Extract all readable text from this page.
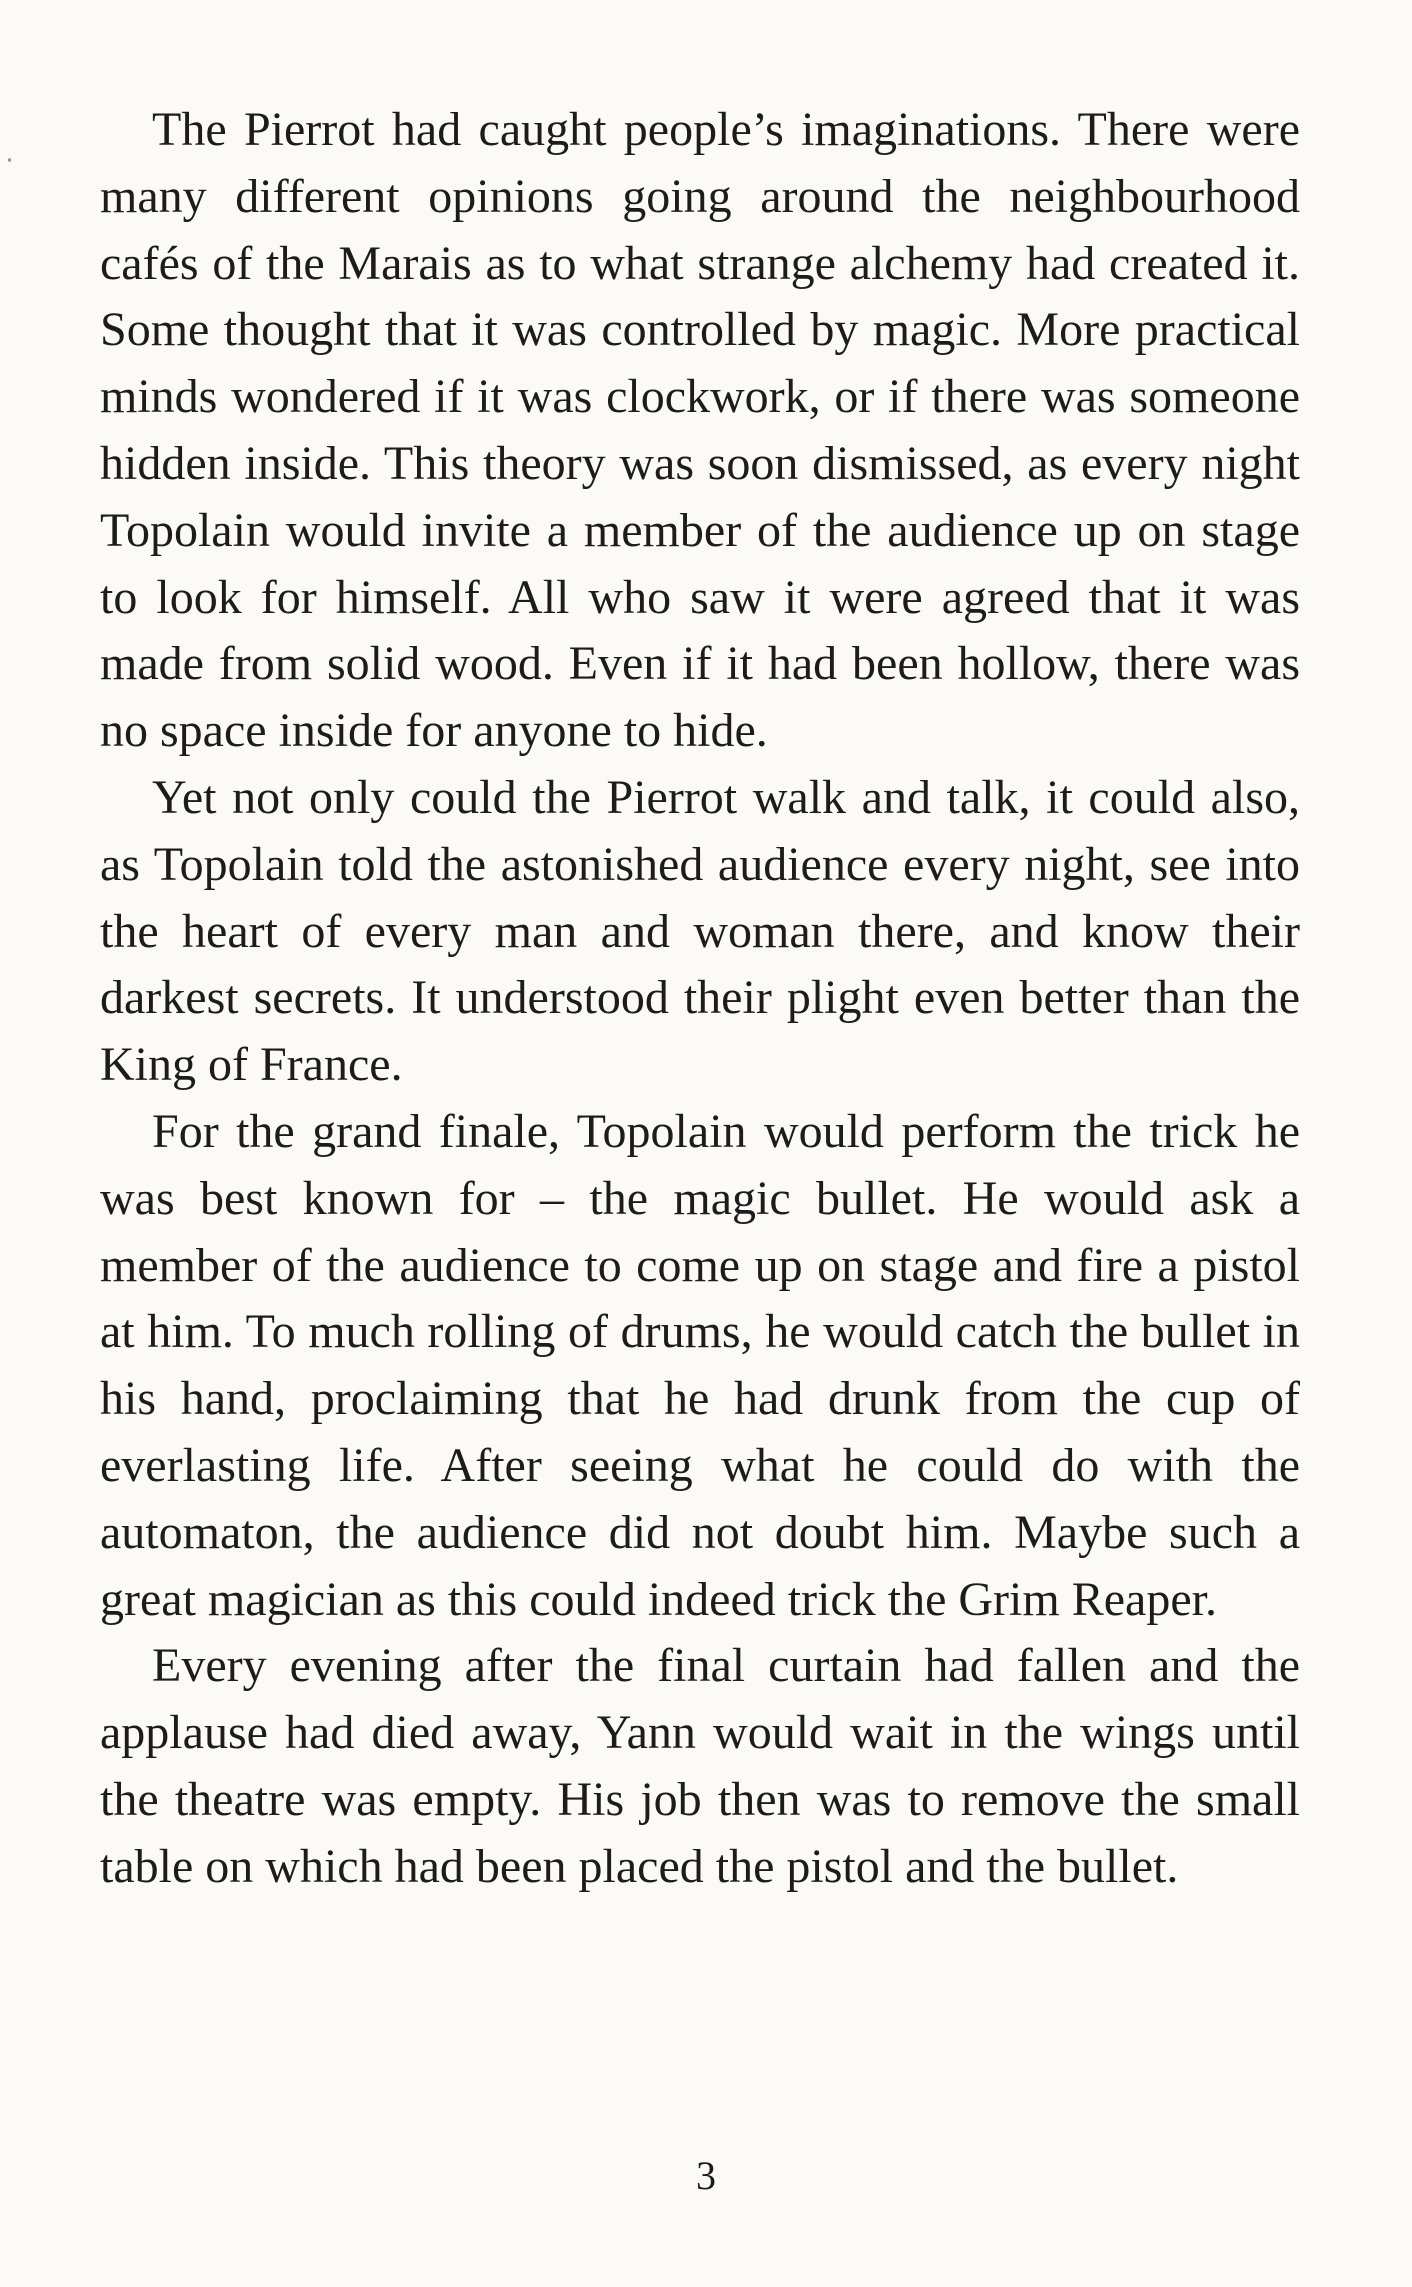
The Pierrot had caught people’s imaginations. There were many different opinions going around the neighbourhood cafés of the Marais as to what strange alchemy had created it. Some thought that it was controlled by magic. More practical minds wondered if it was clockwork, or if there was someone hidden inside. This theory was soon dismissed, as every night Topolain would invite a member of the audience up on stage to look for himself. All who saw it were agreed that it was made from solid wood. Even if it had been hollow, there was no space inside for anyone to hide.

Yet not only could the Pierrot walk and talk, it could also, as Topolain told the astonished audience every night, see into the heart of every man and woman there, and know their darkest secrets. It understood their plight even better than the King of France.

For the grand finale, Topolain would perform the trick he was best known for – the magic bullet. He would ask a member of the audience to come up on stage and fire a pistol at him. To much rolling of drums, he would catch the bullet in his hand, proclaiming that he had drunk from the cup of everlasting life. After seeing what he could do with the automaton, the audience did not doubt him. Maybe such a great magician as this could indeed trick the Grim Reaper.

Every evening after the final curtain had fallen and the applause had died away, Yann would wait in the wings until the theatre was empty. His job then was to remove the small table on which had been placed the pistol and the bullet.

3
